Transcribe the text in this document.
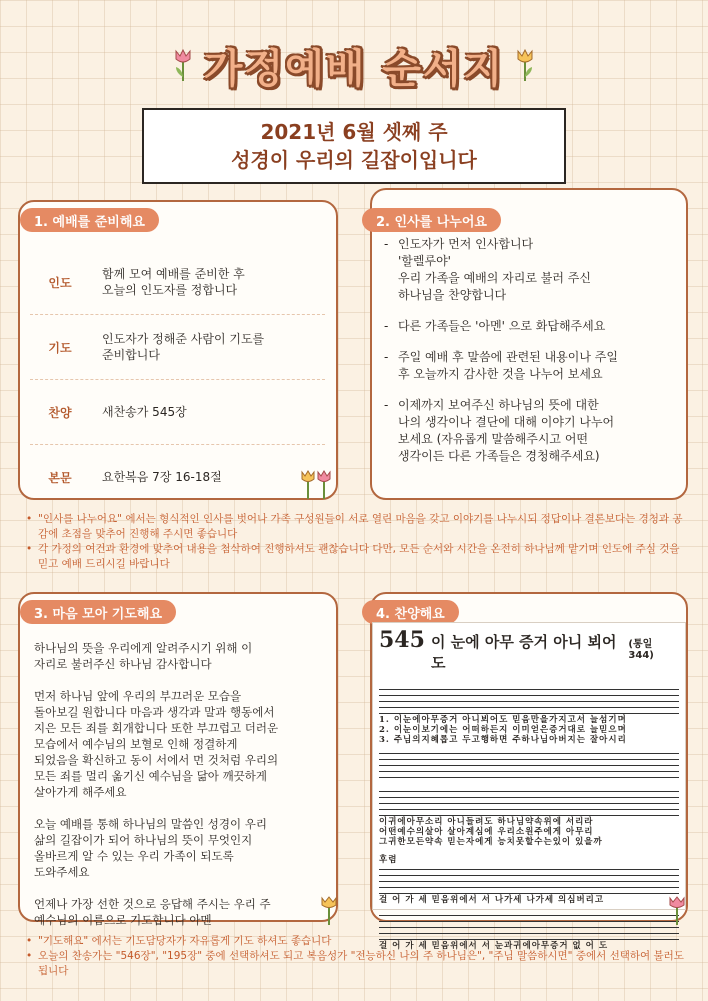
가정예배 순서지
2021년 6월 셋째 주
성경이 우리의 길잡이입니다
1. 예배를 준비해요
인도
함께 모여 예배를 준비한 후
오늘의 인도자를 정합니다
기도
인도자가 정해준 사람이 기도를
준비합니다
찬양	새찬송가 545장
본문	요한복음 7장 16-18절
2. 인사를 나누어요
- 인도자가 먼저 인사합니다
'할렐루야'
우리 가족을 예배의 자리로 불러 주신
하나님을 찬양합니다
- 다른 가족들은 '아멘' 으로 화답해주세요
- 주일 예배 후 말씀에 관련된 내용이나 주일
후 오늘까지 감사한 것을 나누어 보세요
- 이제까지 보여주신 하나님의 뜻에 대한
나의 생각이나 결단에 대해 이야기 나누어
보세요 (자유롭게 말씀해주시고 어떤
생각이든 다른 가족들은 경청해주세요)
• "인사를 나누어요" 에서는 형식적인 인사를 벗어나 가족 구성원들이 서로 열린 마음을 갖고 이야기를 나누시되 정답이나 결론보다는 경청과 공감에 초점을 맞추어 진행해 주시면 좋습니다
• 각 가정의 여건과 환경에 맞추어 내용을 첨삭하여 진행하셔도 괜찮습니다 다만, 모든 순서와 시간을 온전히 하나님께 맡기며 인도에 주실 것을 믿고 예배 드리시길 바랍니다
3. 마음 모아 기도해요

하나님의 뜻을 우리에게 알려주시기 위해 이
자리로 불러주신 하나님 감사합니다

먼저 하나님 앞에 우리의 부끄러운 모습을
돌아보길 원합니다 마음과 생각과 말과 행동에서
지은 모든 죄를 회개합니다 또한 부끄럽고 더러운
모습에서 예수님의 보혈로 인해 정결하게
되었음을 확신하고 동이 서에서 먼 것처럼 우리의
모든 죄를 멀리 옮기신 예수님을 닮아 깨끗하게
살아가게 해주세요

오늘 예배를 통해 하나님의 말씀인 성경이 우리
삶의 길잡이가 되어 하나님의 뜻이 무엇인지
올바르게 알 수 있는 우리 가족이 되도록
도와주세요

언제나 가장 선한 것으로 응답해 주시는 우리 주
예수님의 이름으로 기도합니다 아멘

4. 찬양해요
545 이 눈에 아무 증거 아니 뵈어도
(통일 344)
1. 이눈에아무증거 아니뵈어도 믿음만을가지고서 늘섬기며
2. 이눈이보기에는 어떠하든지 이미얻은증거대로 늘믿으며
3. 주님의지혜롭고 두고행하면 주하나님아버지는 잘아시리
이귀에아무소리 아니들려도 하나님약속위에 서리라
어떤예수의살아 살아계심에 우리소원주에게 아무리
그귀한모든약속 믿는자에게 능치못할수는있이 있을까
후렴
걸 어 가 세 믿음위에서 서 나가세 나가세 의심버리고
걸 어 가 세 믿음위에서 서 눈과귀에아무증거 없 어 도
• "기도해요" 에서는 기도담당자가 자유롭게 기도 하셔도 좋습니다
• 오늘의 찬송가는 "546장", "195장" 중에 선택하셔도 되고 복음성가 "전능하신 나의 주 하나님은", "주님 말씀하시면" 중에서 선택하여 불러도 됩니다
